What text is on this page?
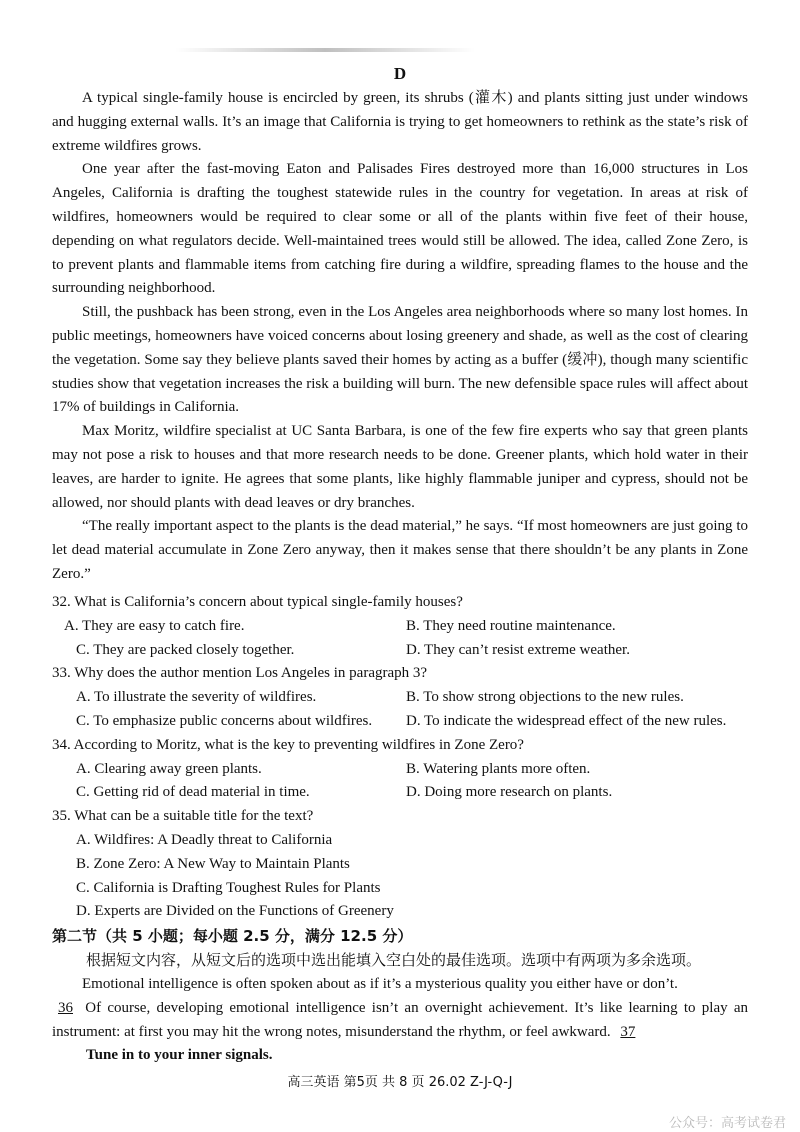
D

A typical single-family house is encircled by green, its shrubs (灌木) and plants sitting just under windows and hugging external walls. It’s an image that California is trying to get homeowners to rethink as the state’s risk of extreme wildfires grows.

One year after the fast-moving Eaton and Palisades Fires destroyed more than 16,000 structures in Los Angeles, California is drafting the toughest statewide rules in the country for vegetation. In areas at risk of wildfires, homeowners would be required to clear some or all of the plants within five feet of their house, depending on what regulators decide. Well-maintained trees would still be allowed. The idea, called Zone Zero, is to prevent plants and flammable items from catching fire during a wildfire, spreading flames to the house and the surrounding neighborhood.

Still, the pushback has been strong, even in the Los Angeles area neighborhoods where so many lost homes. In public meetings, homeowners have voiced concerns about losing greenery and shade, as well as the cost of clearing the vegetation. Some say they believe plants saved their homes by acting as a buffer (缓冲), though many scientific studies show that vegetation increases the risk a building will burn. The new defensible space rules will affect about 17% of buildings in California.

Max Moritz, wildfire specialist at UC Santa Barbara, is one of the few fire experts who say that green plants may not pose a risk to houses and that more research needs to be done. Greener plants, which hold water in their leaves, are harder to ignite. He agrees that some plants, like highly flammable juniper and cypress, should not be allowed, nor should plants with dead leaves or dry branches.

“The really important aspect to the plants is the dead material,” he says. “If most homeowners are just going to let dead material accumulate in Zone Zero anyway, then it makes sense that there shouldn’t be any plants in Zone Zero.”

32. What is California’s concern about typical single-family houses?
A. They are easy to catch fire.	B. They need routine maintenance.
C. They are packed closely together.	D. They can’t resist extreme weather.
33. Why does the author mention Los Angeles in paragraph 3?
A. To illustrate the severity of wildfires.	B. To show strong objections to the new rules.
C. To emphasize public concerns about wildfires.	D. To indicate the widespread effect of the new rules.
34. According to Moritz, what is the key to preventing wildfires in Zone Zero?
A. Clearing away green plants.	B. Watering plants more often.
C. Getting rid of dead material in time.	D. Doing more research on plants.
35. What can be a suitable title for the text?
A. Wildfires: A Deadly threat to California
B. Zone Zero: A New Way to Maintain Plants
C. California is Drafting Toughest Rules for Plants
D. Experts are Divided on the Functions of Greenery
第二节（共 5 小题；每小题 2.5 分，满分 12.5 分）
根据短文内容，从短文后的选项中选出能填入空白处的最佳选项。选项中有两项为多余选项。

Emotional intelligence is often spoken about as if it’s a mysterious quality you either have or don’t.

36 Of course, developing emotional intelligence isn’t an overnight achievement. It’s like learning to play an instrument: at first you may hit the wrong notes, misunderstand the rhythm, or feel awkward. 37

Tune in to your inner signals.

高三英语 第5页 共 8 页 26.02 Z-J-Q-J
公众号：高考试卷君
